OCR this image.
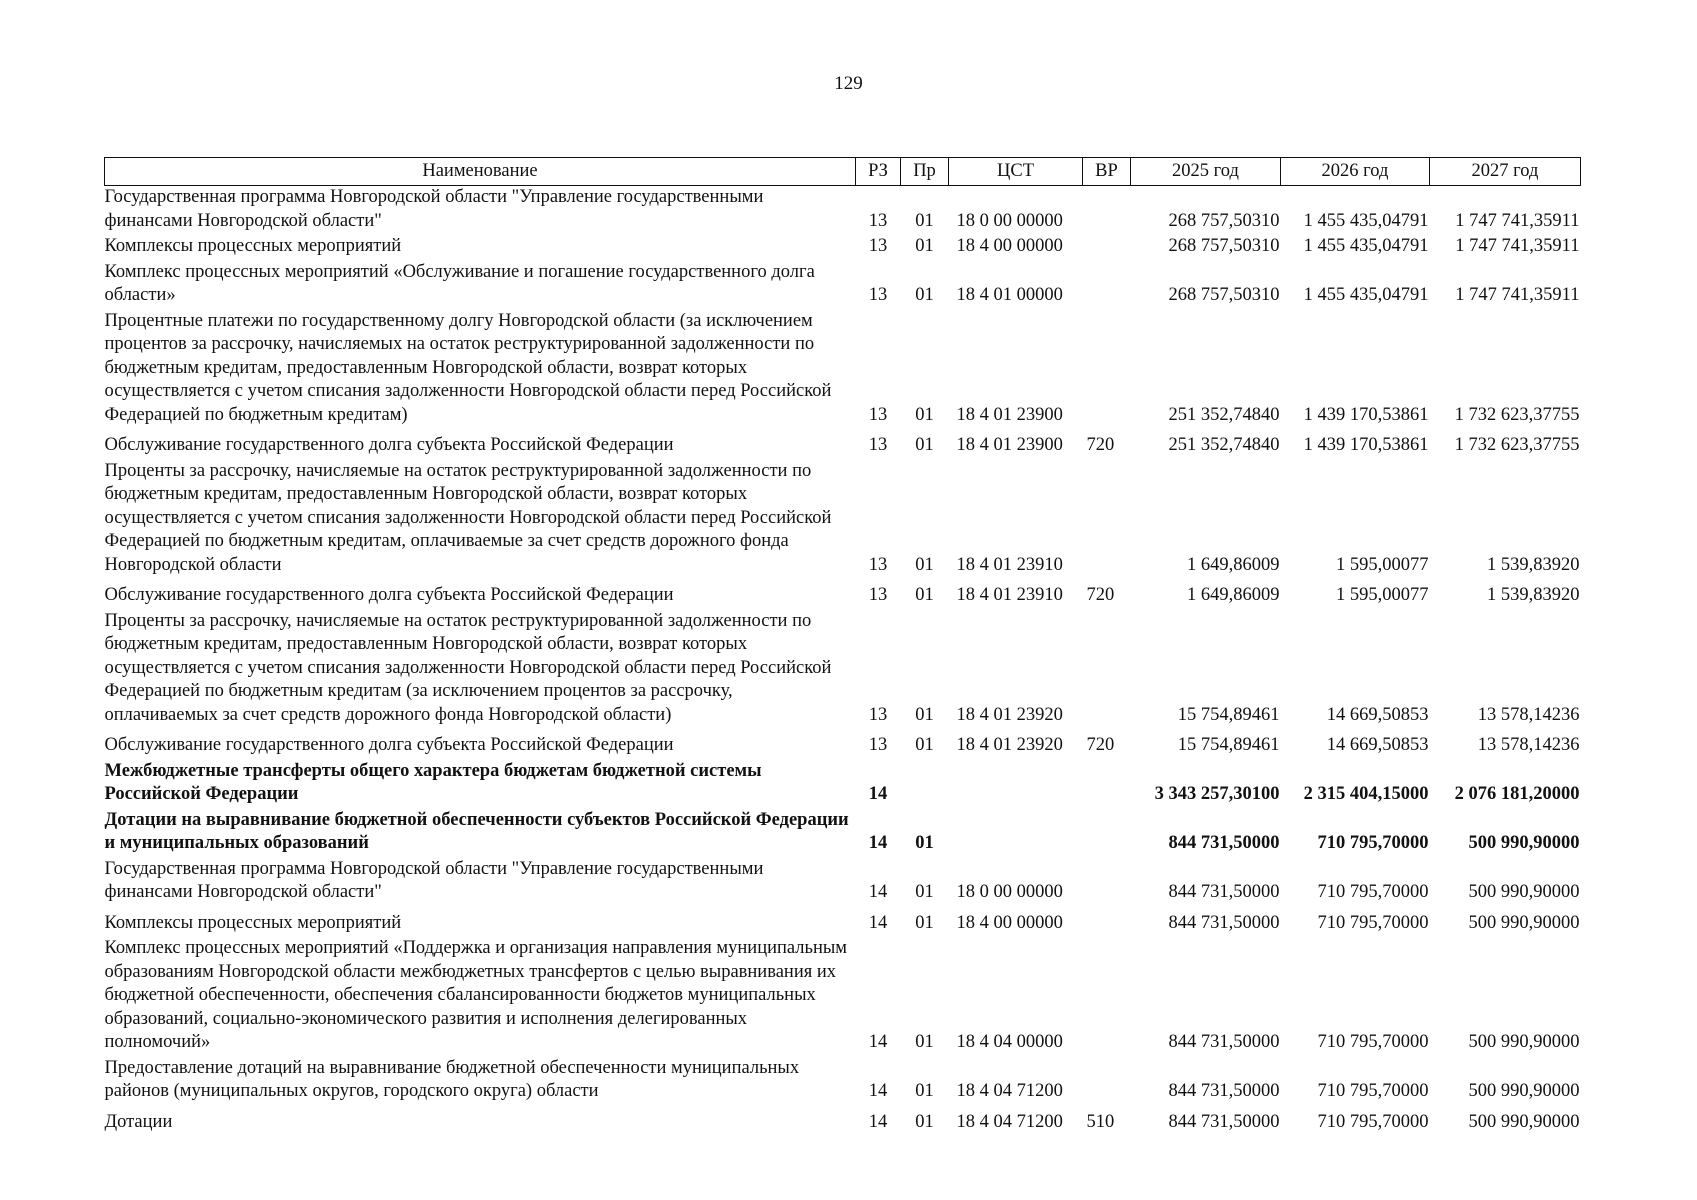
129
Наименование	РЗ	Пр	ЦСТ	ВР	2025 год	2026 год	2027 год
Государственная программа Новгородской области "Управление государственными финансами Новгородской области"	13	01	18 0 00 00000		268 757,50310	1 455 435,04791	1 747 741,35911
Комплексы процессных мероприятий	13	01	18 4 00 00000		268 757,50310	1 455 435,04791	1 747 741,35911
Комплекс процессных мероприятий «Обслуживание и погашение государственного долга области»	13	01	18 4 01 00000		268 757,50310	1 455 435,04791	1 747 741,35911
Процентные платежи по государственному долгу Новгородской области (за исключением процентов за рассрочку, начисляемых на остаток реструктурированной задолженности по бюджетным кредитам, предоставленным Новгородской области, возврат которых осуществляется с учетом списания задолженности Новгородской области перед Российской Федерацией по бюджетным кредитам)	13	01	18 4 01 23900		251 352,74840	1 439 170,53861	1 732 623,37755
Обслуживание государственного долга субъекта Российской Федерации	13	01	18 4 01 23900	720	251 352,74840	1 439 170,53861	1 732 623,37755
Проценты за рассрочку, начисляемые на остаток реструктурированной задолженности по бюджетным кредитам, предоставленным Новгородской области, возврат которых осуществляется с учетом списания задолженности Новгородской области перед Российской Федерацией по бюджетным кредитам, оплачиваемые за счет средств дорожного фонда Новгородской области	13	01	18 4 01 23910		1 649,86009	1 595,00077	1 539,83920
Обслуживание государственного долга субъекта Российской Федерации	13	01	18 4 01 23910	720	1 649,86009	1 595,00077	1 539,83920
Проценты за рассрочку, начисляемые на остаток реструктурированной задолженности по бюджетным кредитам, предоставленным Новгородской области, возврат которых осуществляется с учетом списания задолженности Новгородской области перед Российской Федерацией по бюджетным кредитам (за исключением процентов за рассрочку, оплачиваемых за счет средств дорожного фонда Новгородской области)	13	01	18 4 01 23920		15 754,89461	14 669,50853	13 578,14236
Обслуживание государственного долга субъекта Российской Федерации	13	01	18 4 01 23920	720	15 754,89461	14 669,50853	13 578,14236
Межбюджетные трансферты общего характера бюджетам бюджетной системы Российской Федерации	14				3 343 257,30100	2 315 404,15000	2 076 181,20000
Дотации на выравнивание бюджетной обеспеченности субъектов Российской Федерации и муниципальных образований	14	01			844 731,50000	710 795,70000	500 990,90000
Государственная программа Новгородской области "Управление государственными финансами Новгородской области"	14	01	18 0 00 00000		844 731,50000	710 795,70000	500 990,90000
Комплексы процессных мероприятий	14	01	18 4 00 00000		844 731,50000	710 795,70000	500 990,90000
Комплекс процессных мероприятий «Поддержка и организация направления муниципальным образованиям Новгородской области межбюджетных трансфертов с целью выравнивания их бюджетной обеспеченности, обеспечения сбалансированности бюджетов муниципальных образований, социально-экономического развития и исполнения делегированных полномочий»	14	01	18 4 04 00000		844 731,50000	710 795,70000	500 990,90000
Предоставление дотаций на выравнивание бюджетной обеспеченности муниципальных районов (муниципальных округов, городского округа) области	14	01	18 4 04 71200		844 731,50000	710 795,70000	500 990,90000
Дотации	14	01	18 4 04 71200	510	844 731,50000	710 795,70000	500 990,90000
